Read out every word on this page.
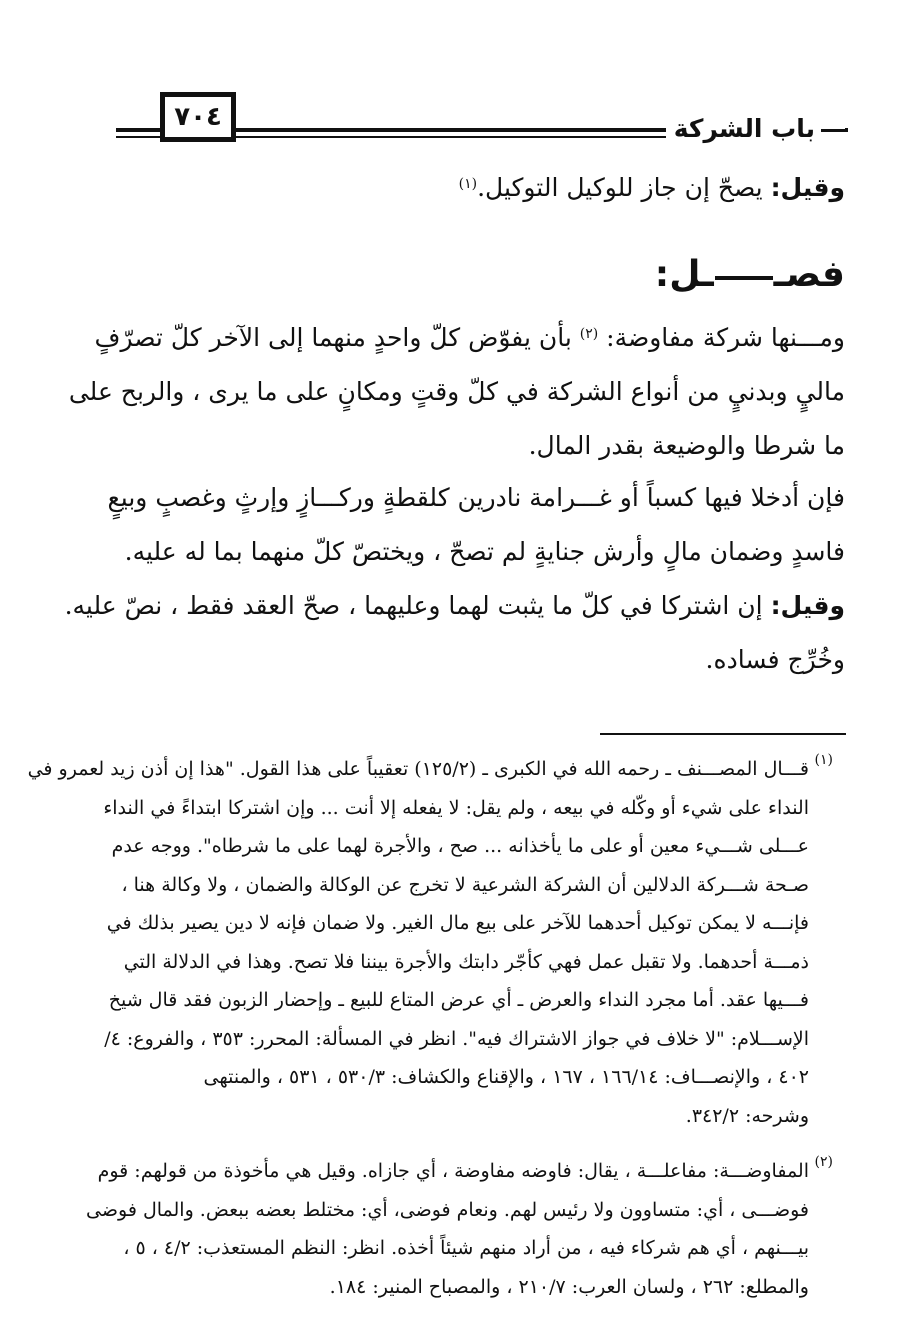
باب الشركة
٧٠٤
وقيل: يصحّ إن جاز للوكيل التوكيل.$^{(١)}$
فصــل:
ومـــنها شركة مفاوضة: $^{(٢)}$ بأن يفوّض كلّ واحدٍ منهما إلى الآخر كلّ تصرّفٍ
ماليٍ وبدنيٍ من أنواع الشركة في كلّ وقتٍ ومكانٍ على ما يرى ، والربح على
ما شرطا والوضيعة بقدر المال.
فإن أدخلا فيها كسباً أو غـــرامة نادرين كلقطةٍ وركـــازٍ وإرثٍ وغصبٍ وبيعٍ
فاسدٍ وضمان مالٍ وأرش جنايةٍ لم تصحّ ، ويختصّ كلّ منهما بما له عليه.
وقيل: إن اشتركا في كلّ ما يثبت لهما وعليهما ، صحّ العقد فقط ، نصّ عليه.
وخُرِّج فساده.
(١)
قـــال المصـــنف ـ رحمه الله في الكبرى ـ (١٢٥/٢) تعقيباً على هذا القول. "هذا إن أذن زيد لعمرو في
النداء على شيء أو وكّله في بيعه ، ولم يقل: لا يفعله إلا أنت ... وإن اشتركا ابتداءً في النداء
عـــلى شـــيء معين أو على ما يأخذانه ... صح ، والأجرة لهما على ما شرطاه". ووجه عدم
صـحة شـــركة الدلالين أن الشركة الشرعية لا تخرج عن الوكالة والضمان ، ولا وكالة هنا ،
فإنـــه لا يمكن توكيل أحدهما للآخر على بيع مال الغير. ولا ضمان فإنه لا دين يصير بذلك في
ذمـــة أحدهما. ولا تقبل عمل فهي كأجّر دابتك والأجرة بيننا فلا تصح. وهذا في الدلالة التي
فـــيها عقد. أما مجرد النداء والعرض ـ أي عرض المتاع للبيع ـ وإحضار الزبون فقد قال شيخ
الإســـلام: "لا خلاف في جواز الاشتراك فيه". انظر في المسألة: المحرر: ٣٥٣ ، والفروع: ٤/
٤٠٢ ، والإنصـــاف: ١٦٦/١٤ ، ١٦٧ ، والإقناع والكشاف: ٥٣٠/٣ ، ٥٣١ ، والمنتهى
وشرحه: ٣٤٢/٢.
(٢)
المفاوضـــة: مفاعلـــة ، يقال: فاوضه مفاوضة ، أي جازاه. وقيل هي مأخوذة من قولهم: قوم
فوضـــى ، أي: متساوون ولا رئيس لهم. ونعام فوضى، أي: مختلط بعضه ببعض. والمال فوضى
بيـــنهم ، أي هم شركاء فيه ، من أراد منهم شيئاً أخذه. انظر: النظم المستعذب: ٤/٢ ، ٥ ،
والمطلع: ٢٦٢ ، ولسان العرب: ٢١٠/٧ ، والمصباح المنير: ١٨٤.
